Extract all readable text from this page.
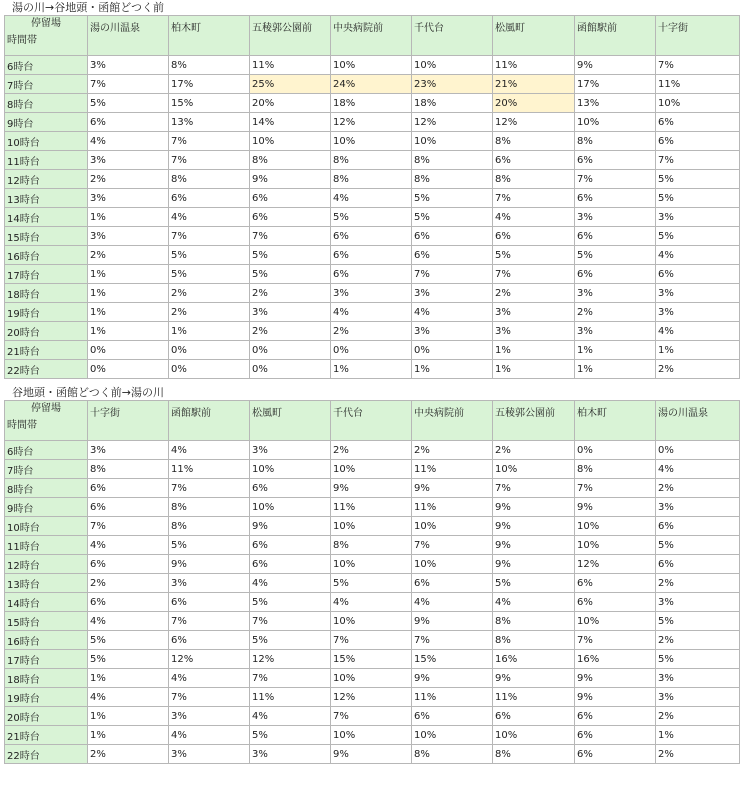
湯の川→谷地頭・函館どつく前
停留場
時間帯	湯の川温泉	柏木町	五稜郭公園前	中央病院前	千代台	松風町	函館駅前	十字街
6時台	3%	8%	11%	10%	10%	11%	9%	7%
7時台	7%	17%	25%	24%	23%	21%	17%	11%
8時台	5%	15%	20%	18%	18%	20%	13%	10%
9時台	6%	13%	14%	12%	12%	12%	10%	6%
10時台	4%	7%	10%	10%	10%	8%	8%	6%
11時台	3%	7%	8%	8%	8%	6%	6%	7%
12時台	2%	8%	9%	8%	8%	8%	7%	5%
13時台	3%	6%	6%	4%	5%	7%	6%	5%
14時台	1%	4%	6%	5%	5%	4%	3%	3%
15時台	3%	7%	7%	6%	6%	6%	6%	5%
16時台	2%	5%	5%	6%	6%	5%	5%	4%
17時台	1%	5%	5%	6%	7%	7%	6%	6%
18時台	1%	2%	2%	3%	3%	2%	3%	3%
19時台	1%	2%	3%	4%	4%	3%	2%	3%
20時台	1%	1%	2%	2%	3%	3%	3%	4%
21時台	0%	0%	0%	0%	0%	1%	1%	1%
22時台	0%	0%	0%	1%	1%	1%	1%	2%
谷地頭・函館どつく前→湯の川
停留場
時間帯	十字街	函館駅前	松風町	千代台	中央病院前	五稜郭公園前	柏木町	湯の川温泉
6時台	3%	4%	3%	2%	2%	2%	0%	0%
7時台	8%	11%	10%	10%	11%	10%	8%	4%
8時台	6%	7%	6%	9%	9%	7%	7%	2%
9時台	6%	8%	10%	11%	11%	9%	9%	3%
10時台	7%	8%	9%	10%	10%	9%	10%	6%
11時台	4%	5%	6%	8%	7%	9%	10%	5%
12時台	6%	9%	6%	10%	10%	9%	12%	6%
13時台	2%	3%	4%	5%	6%	5%	6%	2%
14時台	6%	6%	5%	4%	4%	4%	6%	3%
15時台	4%	7%	7%	10%	9%	8%	10%	5%
16時台	5%	6%	5%	7%	7%	8%	7%	2%
17時台	5%	12%	12%	15%	15%	16%	16%	5%
18時台	1%	4%	7%	10%	9%	9%	9%	3%
19時台	4%	7%	11%	12%	11%	11%	9%	3%
20時台	1%	3%	4%	7%	6%	6%	6%	2%
21時台	1%	4%	5%	10%	10%	10%	6%	1%
22時台	2%	3%	3%	9%	8%	8%	6%	2%
